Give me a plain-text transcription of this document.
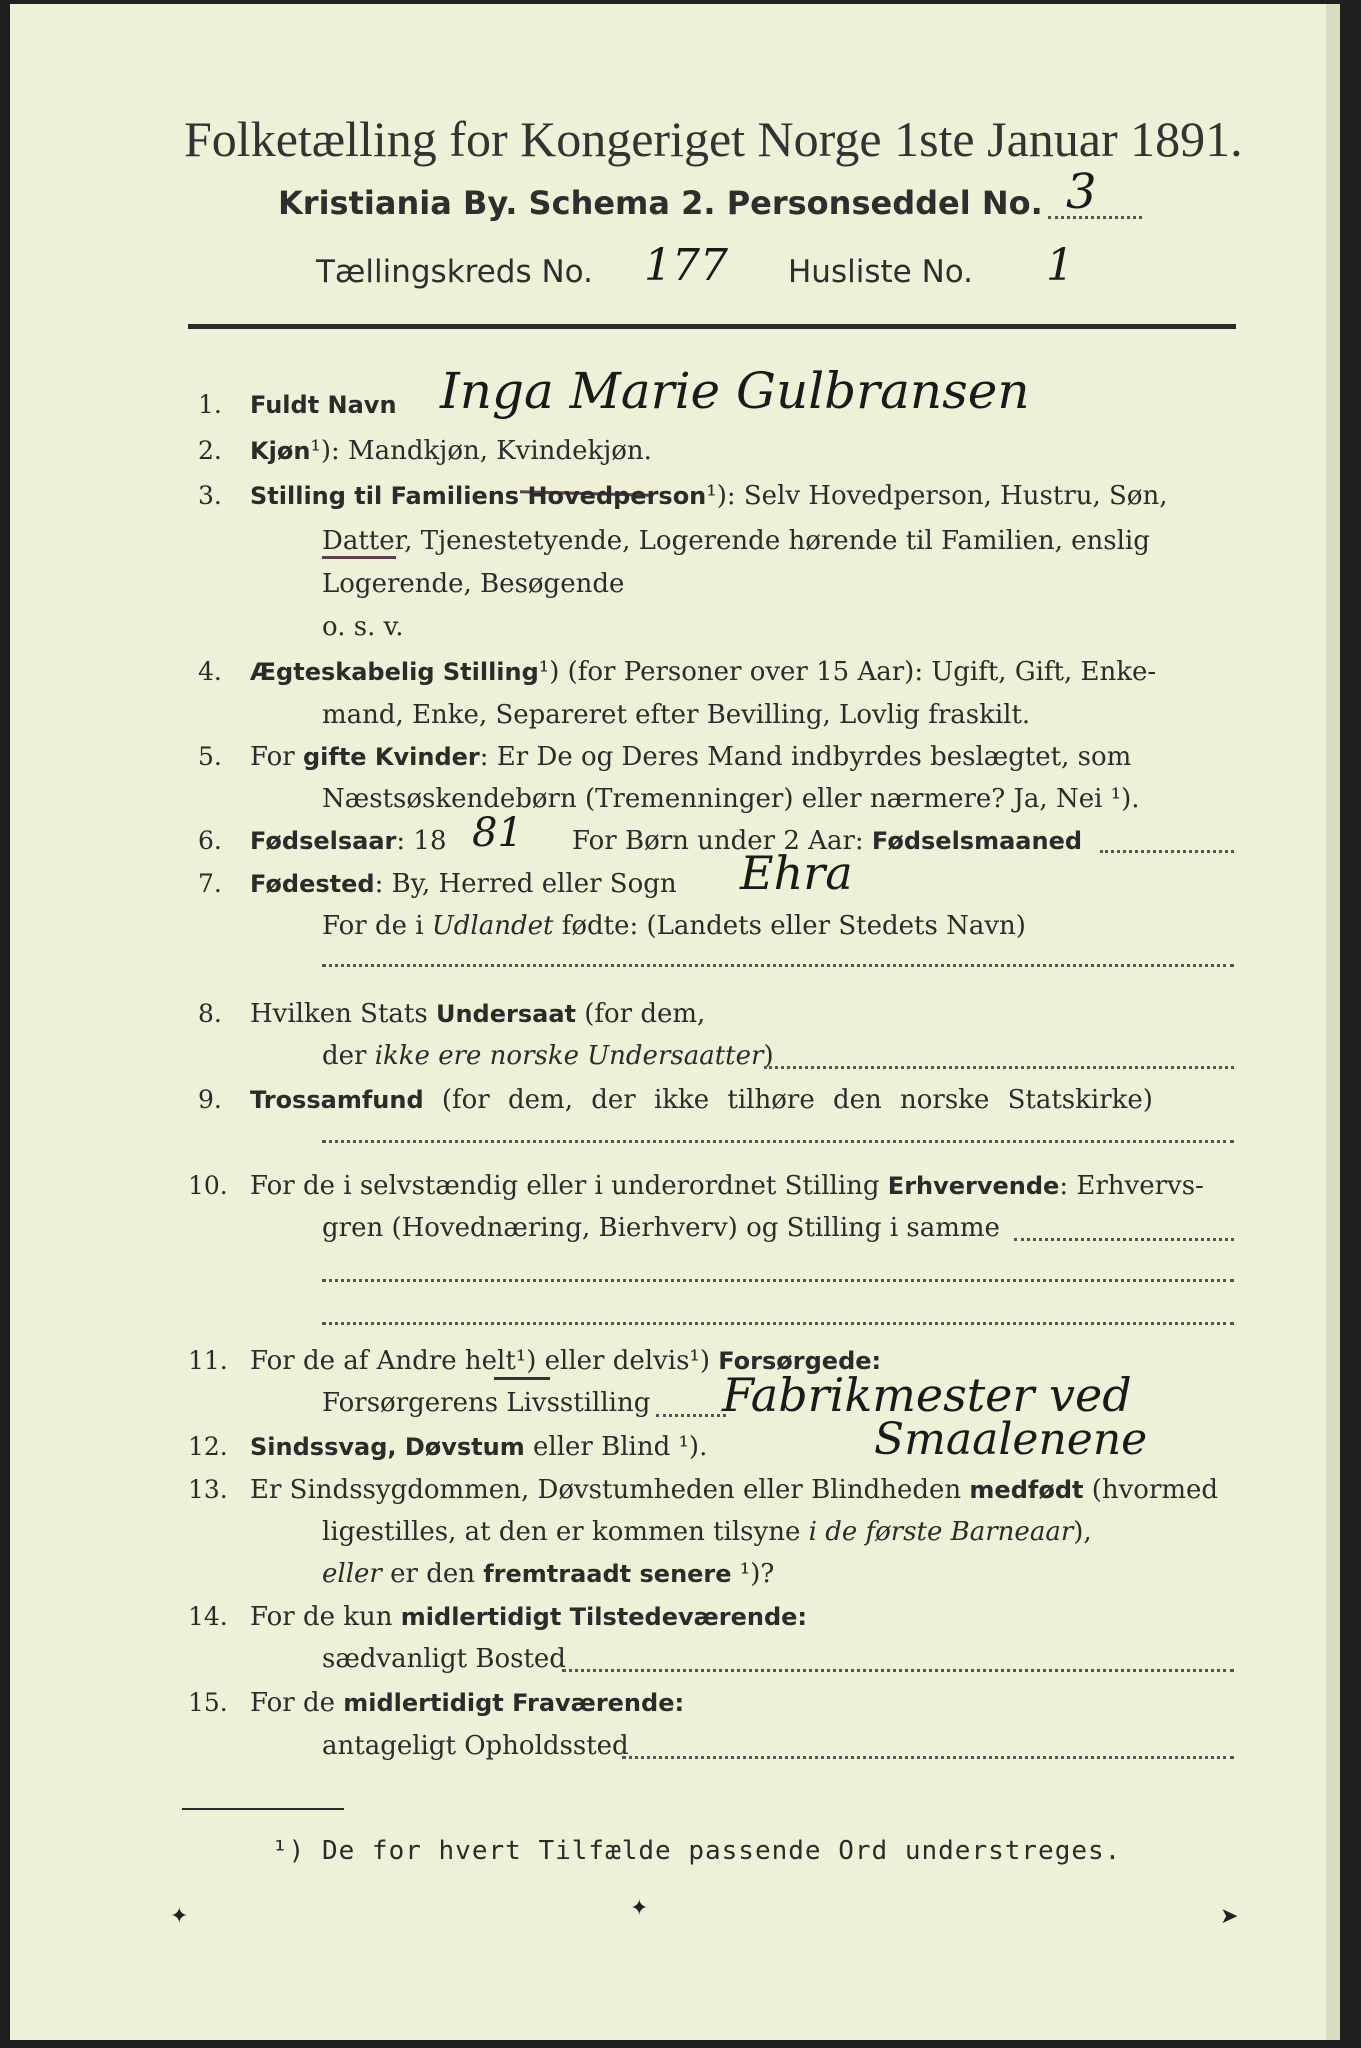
Folketælling for Kongeriget Norge 1ste Januar 1891.
Kristiania By. Schema 2. Personseddel No. 3
Tællingskreds No. 177 Husliste No. 1
1. Fuldt Navn Inga Marie Gulbransen
2. Kjøn¹): Mandkjøn, Kvindekjøn.
3. Stilling til Familiens Hovedperson¹): Selv Hovedperson, Hustru, Søn,
Datter, Tjenestetyende, Logerende hørende til Familien, enslig
Logerende, Besøgende
o. s. v.
4. Ægteskabelig Stilling¹) (for Personer over 15 Aar): Ugift, Gift, Enke-
mand, Enke, Separeret efter Bevilling, Lovlig fraskilt.
5. For gifte Kvinder: Er De og Deres Mand indbyrdes beslægtet, som
Næstsøskendebørn (Tremenninger) eller nærmere? Ja, Nei ¹).
6. Fødselsaar: 18 81 For Børn under 2 Aar: Fødselsmaaned
7. Fødested: By, Herred eller Sogn Ehra
For de i Udlandet fødte: (Landets eller Stedets Navn)
8. Hvilken Stats Undersaat (for dem,
der ikke ere norske Undersaatter)
9. Trossamfund (for dem, der ikke tilhøre den norske Statskirke)
10. For de i selvstændig eller i underordnet Stilling Erhvervende: Erhvervs-
gren (Hovednæring, Bierhverv) og Stilling i samme
11. For de af Andre helt¹) eller delvis¹) Forsørgede:
Forsørgerens Livsstilling Fabrikmester ved
12. Sindssvag, Døvstum eller Blind ¹).	Smaalenene
13. Er Sindssygdommen, Døvstumheden eller Blindheden medfødt (hvormed
ligestilles, at den er kommen tilsyne i de første Barneaar),
eller er den fremtraadt senere ¹)?
14. For de kun midlertidigt Tilstedeværende:
sædvanligt Bosted
15. For de midlertidigt Fraværende:
antageligt Opholdssted
¹) De for hvert Tilfælde passende Ord understreges.
✦	✦	➤
